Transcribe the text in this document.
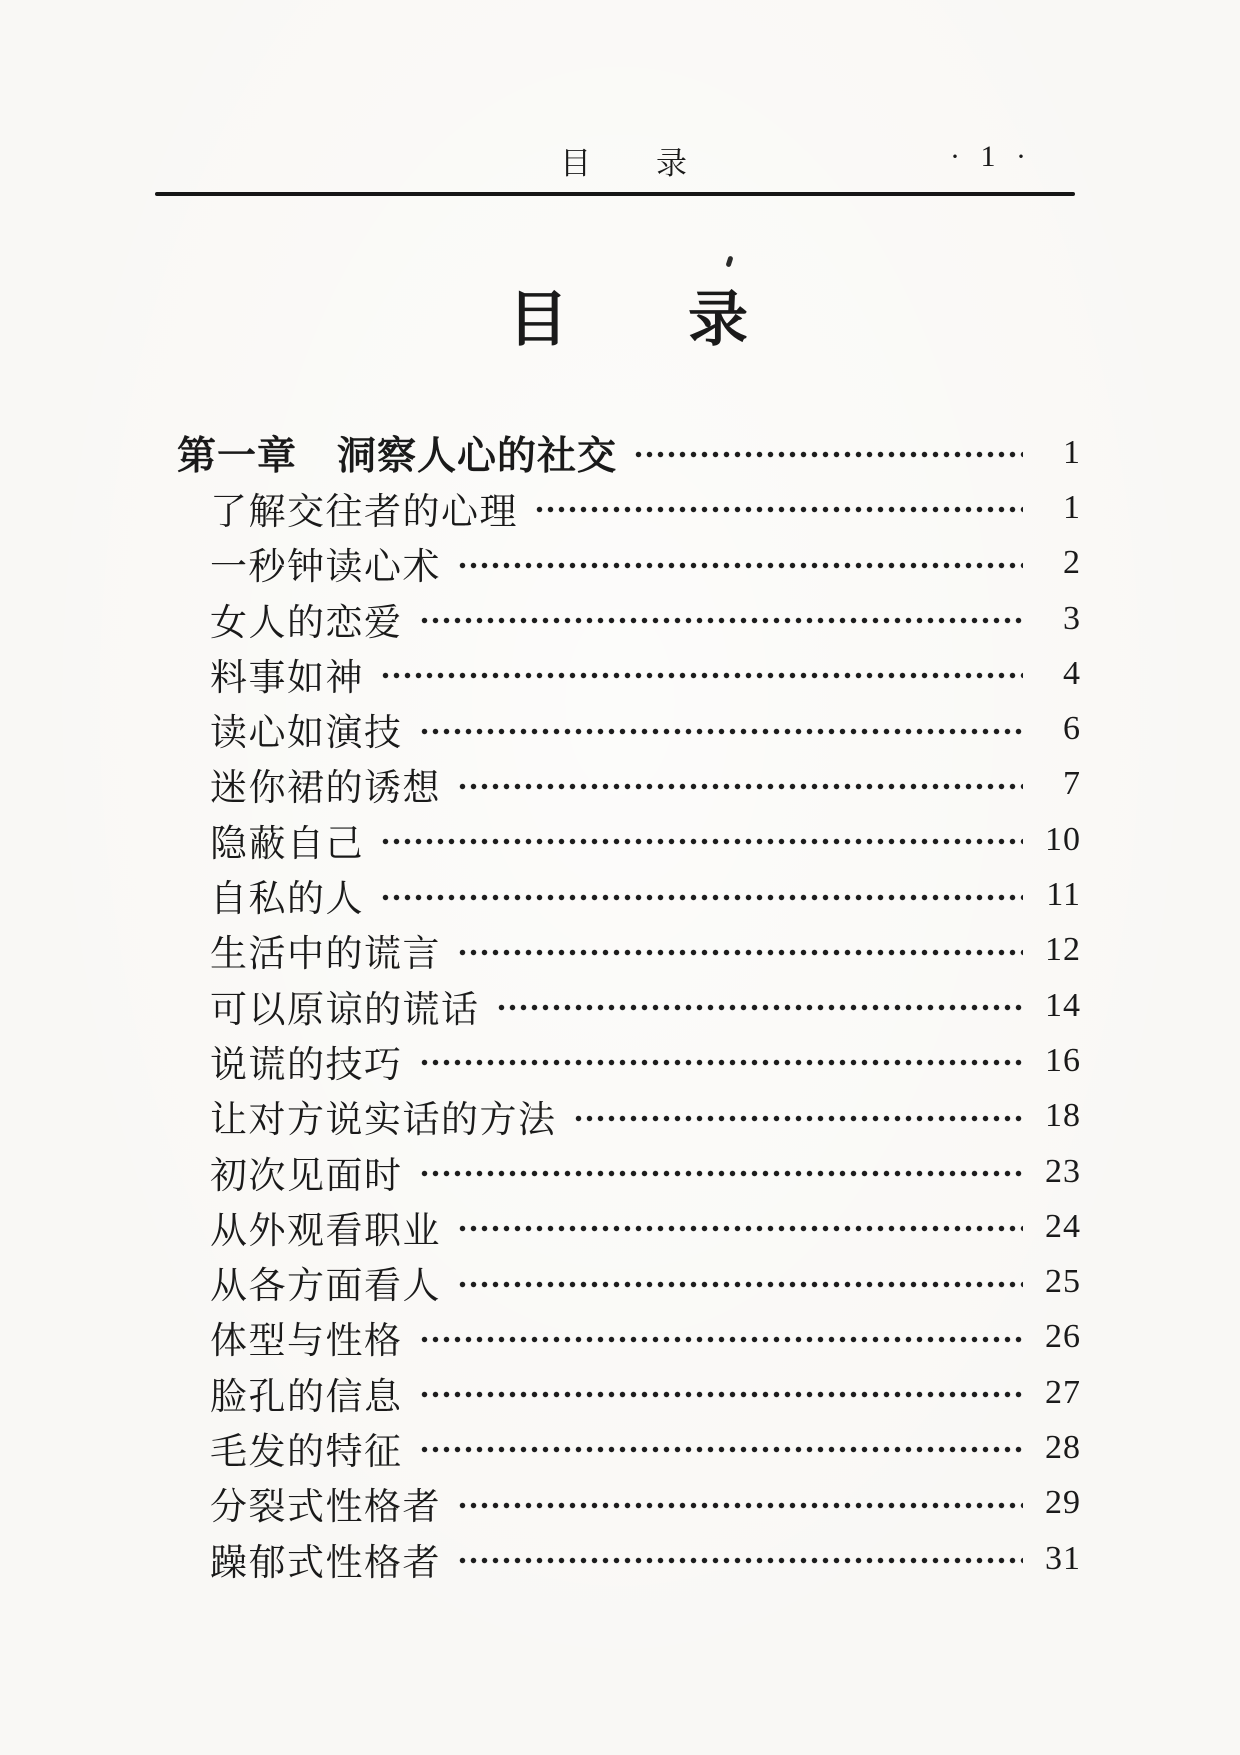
目　　录	· 1 ·
目　　录
第一章　洞察人心的社交	1
了解交往者的心理	1
一秒钟读心术	2
女人的恋爱	3
料事如神	4
读心如演技	6
迷你裙的诱想	7
隐蔽自己	10
自私的人	11
生活中的谎言	12
可以原谅的谎话	14
说谎的技巧	16
让对方说实话的方法	18
初次见面时	23
从外观看职业	24
从各方面看人	25
体型与性格	26
脸孔的信息	27
毛发的特征	28
分裂式性格者	29
躁郁式性格者	31
